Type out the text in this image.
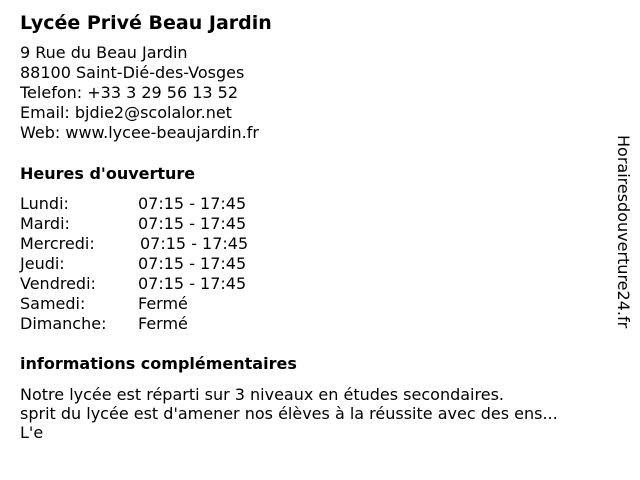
Lycée Privé Beau Jardin
9 Rue du Beau Jardin
88100 Saint-Dié-des-Vosges
Telefon: +33 3 29 56 13 52
Email: bjdie2@scolalor.net
Web: www.lycee-beaujardin.fr
Heures d'ouverture
Lundi:	07:15 - 17:45
Mardi:	07:15 - 17:45
Mercredi:	07:15 - 17:45
Jeudi:	07:15 - 17:45
Vendredi:	07:15 - 17:45
Samedi:	Fermé
Dimanche: Fermé
informations complémentaires
Notre lycée est réparti sur 3 niveaux en études secondaires.
sprit du lycée est d'amener nos élèves à la réussite avec des ens...
L'e
Horairesdouverture24.fr
